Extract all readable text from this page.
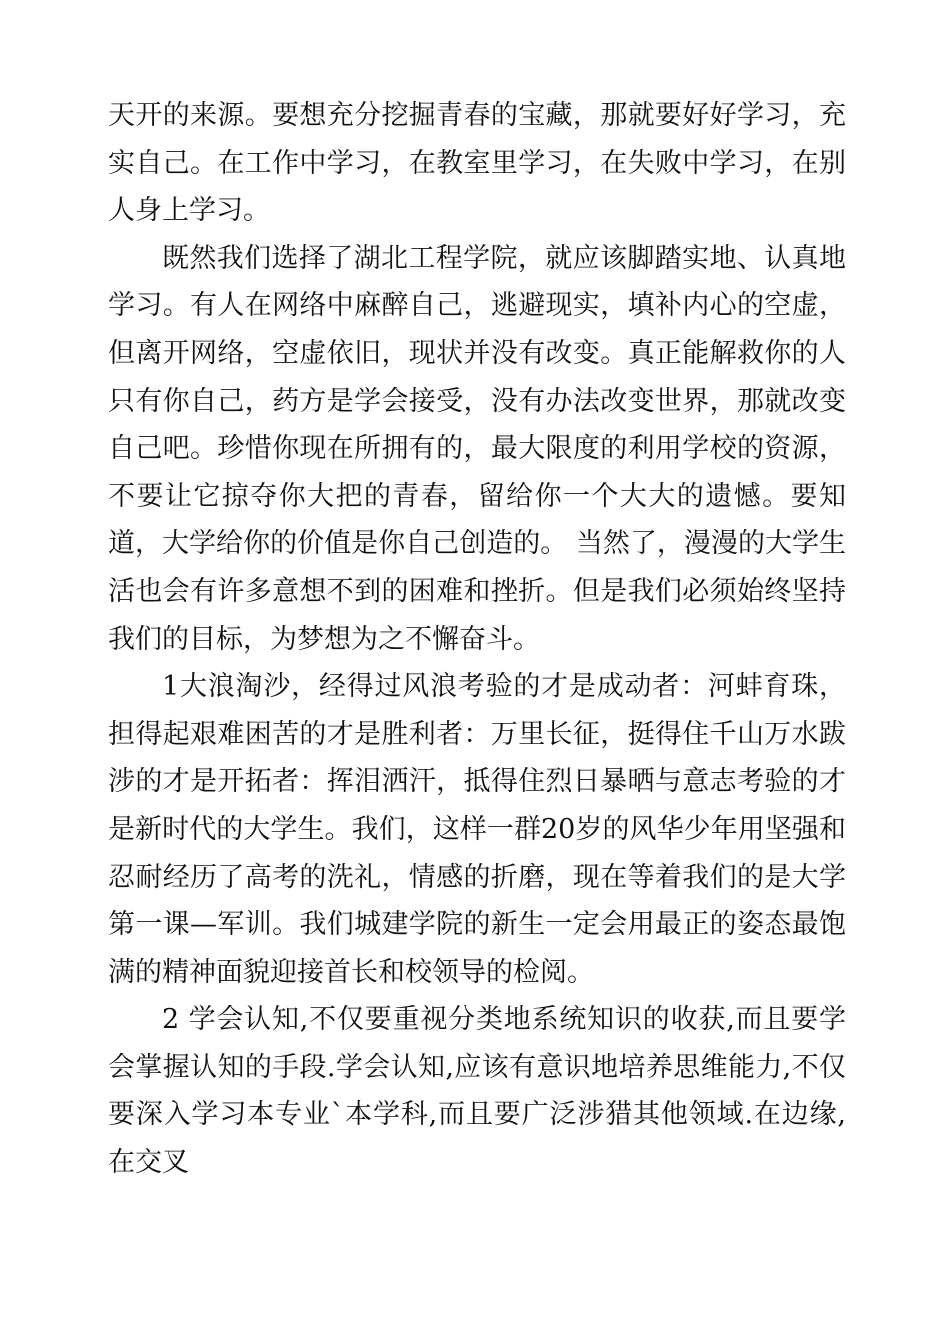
天开的来源。要想充分挖掘青春的宝藏，那就要好好学习，充实自己。在工作中学习，在教室里学习，在失败中学习，在别人身上学习。

既然我们选择了湖北工程学院，就应该脚踏实地、认真地学习。有人在网络中麻醉自己，逃避现实，填补内心的空虚，但离开网络，空虚依旧，现状并没有改变。真正能解救你的人只有你自己，药方是学会接受，没有办法改变世界，那就改变自己吧。珍惜你现在所拥有的，最大限度的利用学校的资源，不要让它掠夺你大把的青春，留给你一个大大的遗憾。要知道，大学给你的价值是你自己创造的。 当然了，漫漫的大学生活也会有许多意想不到的困难和挫折。但是我们必须始终坚持我们的目标，为梦想为之不懈奋斗。

1大浪淘沙，经得过风浪考验的才是成动者：河蚌育珠，担得起艰难困苦的才是胜利者：万里长征，挺得住千山万水跋涉的才是开拓者：挥泪洒汗，抵得住烈日暴晒与意志考验的才是新时代的大学生。我们，这样一群20岁的风华少年用坚强和忍耐经历了高考的洗礼，情感的折磨，现在等着我们的是大学第一课—军训。我们城建学院的新生一定会用最正的姿态最饱满的精神面貌迎接首长和校领导的检阅。

2 学会认知,不仅要重视分类地系统知识的收获,而且要学会掌握认知的手段.学会认知,应该有意识地培养思维能力,不仅要深入学习本专业`本学科,而且要广泛涉猎其他领域.在边缘,在交叉
